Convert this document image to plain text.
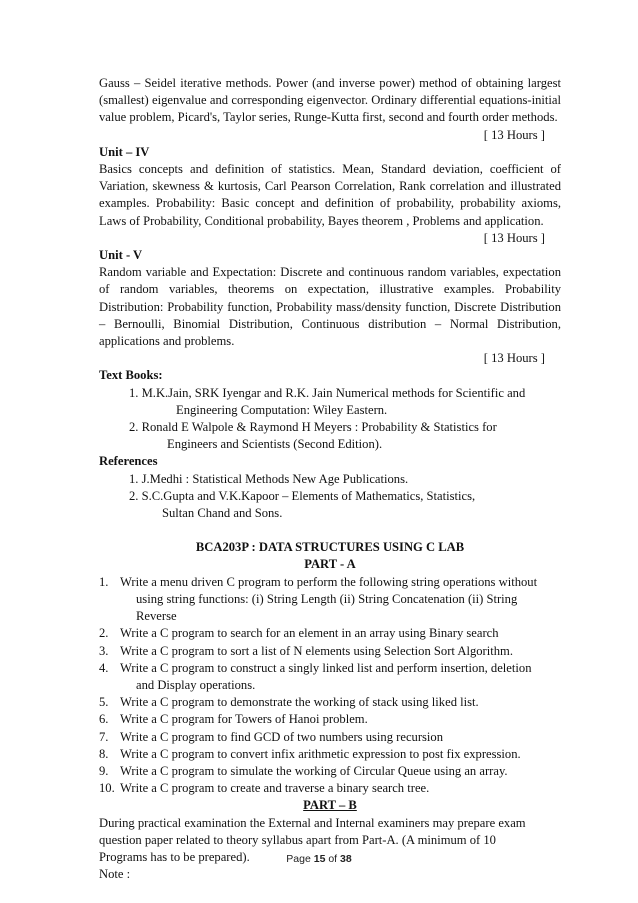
Gauss – Seidel iterative methods. Power (and inverse power) method of obtaining largest (smallest) eigenvalue and corresponding eigenvector. Ordinary differential equations-initial value problem, Picard's, Taylor series, Runge-Kutta first, second and fourth order methods.

[ 13 Hours ]

Unit – IV

Basics concepts and definition of statistics. Mean, Standard deviation, coefficient of Variation, skewness & kurtosis, Carl Pearson Correlation, Rank correlation and illustrated examples. Probability: Basic concept and definition of probability, probability axioms, Laws of Probability, Conditional probability, Bayes theorem , Problems and application.

[ 13 Hours ]

Unit - V

Random variable and Expectation: Discrete and continuous random variables, expectation of random variables, theorems on expectation, illustrative examples. Probability Distribution: Probability function, Probability mass/density function, Discrete Distribution – Bernoulli, Binomial Distribution, Continuous distribution – Normal Distribution, applications and problems.

[ 13 Hours ]

Text Books:

1. M.K.Jain, SRK Iyengar and R.K. Jain Numerical methods for Scientific and
Engineering Computation: Wiley Eastern.
2. Ronald E Walpole & Raymond H Meyers : Probability & Statistics for
Engineers and Scientists (Second Edition).

References

1. J.Medhi : Statistical Methods New Age Publications.
2. S.C.Gupta and V.K.Kapoor – Elements of Mathematics, Statistics,
Sultan Chand and Sons.

BCA203P : DATA STRUCTURES USING C LAB

PART - A

1. Write a menu driven C program to perform the following string operations without
using string functions: (i) String Length (ii) String Concatenation (ii) String
Reverse
2. Write a C program to search for an element in an array using Binary search
3. Write a C program to sort a list of N elements using Selection Sort Algorithm.
4. Write a C program to construct a singly linked list and perform insertion, deletion
and Display operations.
5. Write a C program to demonstrate the working of stack using liked list.
6. Write a C program for Towers of Hanoi problem.
7. Write a C program to find GCD of two numbers using recursion
8. Write a C program to convert infix arithmetic expression to post fix expression.
9. Write a C program to simulate the working of Circular Queue using an array.
10. Write a C program to create and traverse a binary search tree.

PART – B

During practical examination the External and Internal examiners may prepare exam question paper related to theory syllabus apart from Part-A. (A minimum of 10 Programs has to be prepared).

Note :

Page 15 of 38
